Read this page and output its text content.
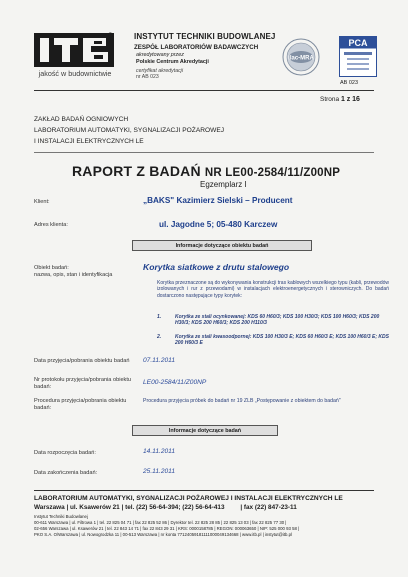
®
jakość w budownictwie
INSTYTUT TECHNIKI BUDOWLANEJ
ZESPÓŁ LABORATORIÓW BADAWCZYCH
akredytowany przez
Polskie Centrum Akredytacji
certyfikat akredytacji
nr AB 023
ilac-MRA
PCA
AB 023
Strona 1 z 16
ZAKŁAD BADAŃ OGNIOWYCH
LABORATORIUM AUTOMATYKI, SYGNALIZACJI POŻAROWEJ
I INSTALACJI ELEKTRYCZNYCH LE
RAPORT Z BADAŃ NR LE00-2584/11/Z00NP
Egzemplarz I
Klient:	„BAKS" Kazimierz Sielski – Producent
Adres klienta:	ul. Jagodne 5; 05-480 Karczew
Informacje dotyczące obiektu badań
Obiekt badań:
nazwa, opis, stan i identyfikacja
Korytka siatkowe z drutu stalowego
Korytka przeznaczone są do wykonywania konstrukcji tras kablowych wszelkiego typu (kabli, przewodów izolowanych i rur z przewodami) w instalacjach elektroenergetycznych i sterowniczych. Do badań dostarczono następujące typy korytek:
1.	Korytka ze stali ocynkowanej: KDS 60 H60/3; KDS 100 H30/3; KDS 100 H60/3; KDS 200 H30/3; KDS 200 H60/3; KDS 200 H110/3
2.	Korytka ze stali kwasoodpornej: KDS 100 H30/3 E; KDS 60 H60/3 E; KDS 100 H60/3 E; KDS 200 H60/3 E
Data przyjęcia/pobrania obiektu badań 07.11.2011
Nr protokołu przyjęcia/pobrania obiektu
badań:
LE00-2584/11/Z00NP
Procedura przyjęcia/pobrania obiektu
badań:
Procedura przyjęcia próbek do badań nr 19 ZLB „Postępowanie z obiektem do badań"
Informacje dotyczące badań
Data rozpoczęcia badań:	14.11.2011
Data zakończenia badań:	25.11.2011
LABORATORIUM AUTOMATYKI, SYGNALIZACJI POŻAROWEJ I INSTALACJI ELEKTRYCZNYCH LE
Warszawa | ul. Ksawerów 21 | tel. (22) 56-64-394; (22) 56-64-413 | fax (22) 847-23-11
Instytut Techniki Budowlanej
00-611 Warszawa | ul. Filtrowa 1 | tel. 22 825 04 71 | fax 22 825 52 86 | Dyrektor tel. 22 825 28 85 | 22 825 13 03 | fax 22 825 77 30 |
02-656 Warszawa | ul. Ksawerów 21 | tel. 22 843 14 71 | fax 22 843 29 31 | KRS: 0000158785 | REGON: 000063650 | NIP: 525 000 93 58 |
PKO S.A. O/Warszawa | ul. Nowogrodzka 11 | 00-513 Warszawa | nr konta 77124059181111000049134668 | www.itb.pl | instytut@itb.pl
